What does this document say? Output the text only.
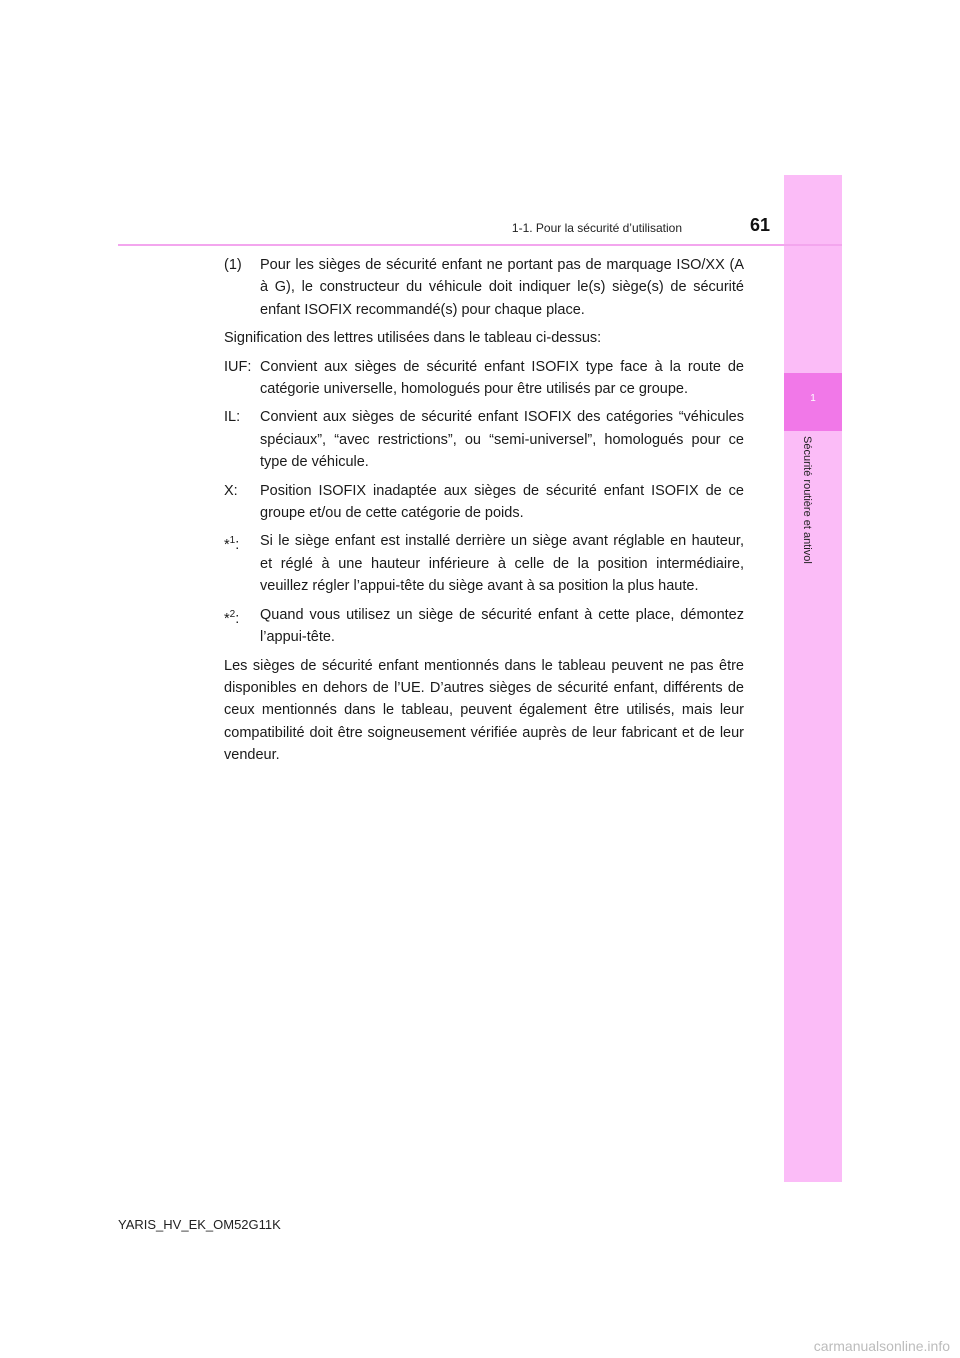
1
Sécurité routière et antivol
1-1. Pour la sécurité d’utilisation	61
(1)	Pour les sièges de sécurité enfant ne portant pas de marquage ISO/XX (A à G), le constructeur du véhicule doit indiquer le(s) siège(s) de sécurité enfant ISOFIX recommandé(s) pour chaque place.

Signification des lettres utilisées dans le tableau ci-dessus:

IUF: Convient aux sièges de sécurité enfant ISOFIX type face à la route de catégorie universelle, homologués pour être utilisés par ce groupe.
IL:	Convient aux sièges de sécurité enfant ISOFIX des catégories “véhicules spéciaux”, “avec restrictions”, ou “semi-universel”, homologués pour ce type de véhicule.
X:	Position ISOFIX inadaptée aux sièges de sécurité enfant ISOFIX de ce groupe et/ou de cette catégorie de poids.
*$^1$:	Si le siège enfant est installé derrière un siège avant réglable en hauteur, et réglé à une hauteur inférieure à celle de la position intermédiaire, veuillez régler l’appui-tête du siège avant à sa position la plus haute.
*$^2$:	Quand vous utilisez un siège de sécurité enfant à cette place, démontez l’appui-tête.

Les sièges de sécurité enfant mentionnés dans le tableau peuvent ne pas être disponibles en dehors de l’UE. D’autres sièges de sécurité enfant, différents de ceux mentionnés dans le tableau, peuvent également être utilisés, mais leur compatibilité doit être soigneusement vérifiée auprès de leur fabricant et de leur vendeur.

YARIS_HV_EK_OM52G11K
carmanualsonline.info
